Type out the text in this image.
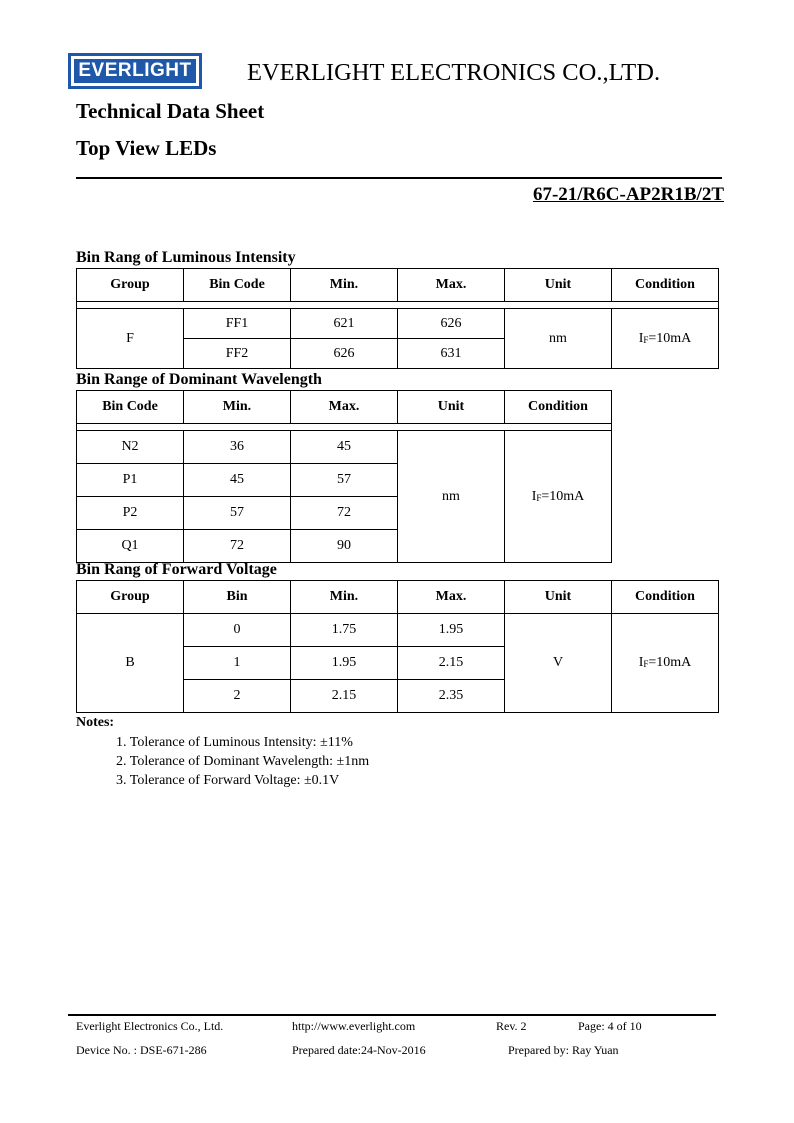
EVERLIGHT EVERLIGHT ELECTRONICS CO.,LTD.
Technical Data Sheet
Top View LEDs
67-21/R6C-AP2R1B/2T
Bin Rang of Luminous Intensity
Group	Bin Code	Min.	Max.	Unit	Condition

F	FF1	621	626	nm	$I_F=10mA$
	FF2	626	631		
Bin Range of Dominant Wavelength
Bin Code	Min.	Max.	Unit	Condition

N2	36	45	nm	$I_F=10mA$
P1	45	57		
P2	57	72		
Q1	72	90		
Bin Rang of Forward Voltage
Group	Bin	Min.	Max.	Unit	Condition
B	0	1.75	1.95	V	$I_F=10mA$
	1	1.95	2.15		
	2	2.15	2.35		
Notes:
1. Tolerance of Luminous Intensity: ±11%
2. Tolerance of Dominant Wavelength: ±1nm
3. Tolerance of Forward Voltage: ±0.1V
Everlight Electronics Co., Ltd.	http://www.everlight.com	Rev. 2	Page: 4 of 10
Device No. : DSE-671-286	Prepared date:24-Nov-2016	Prepared by: Ray Yuan
